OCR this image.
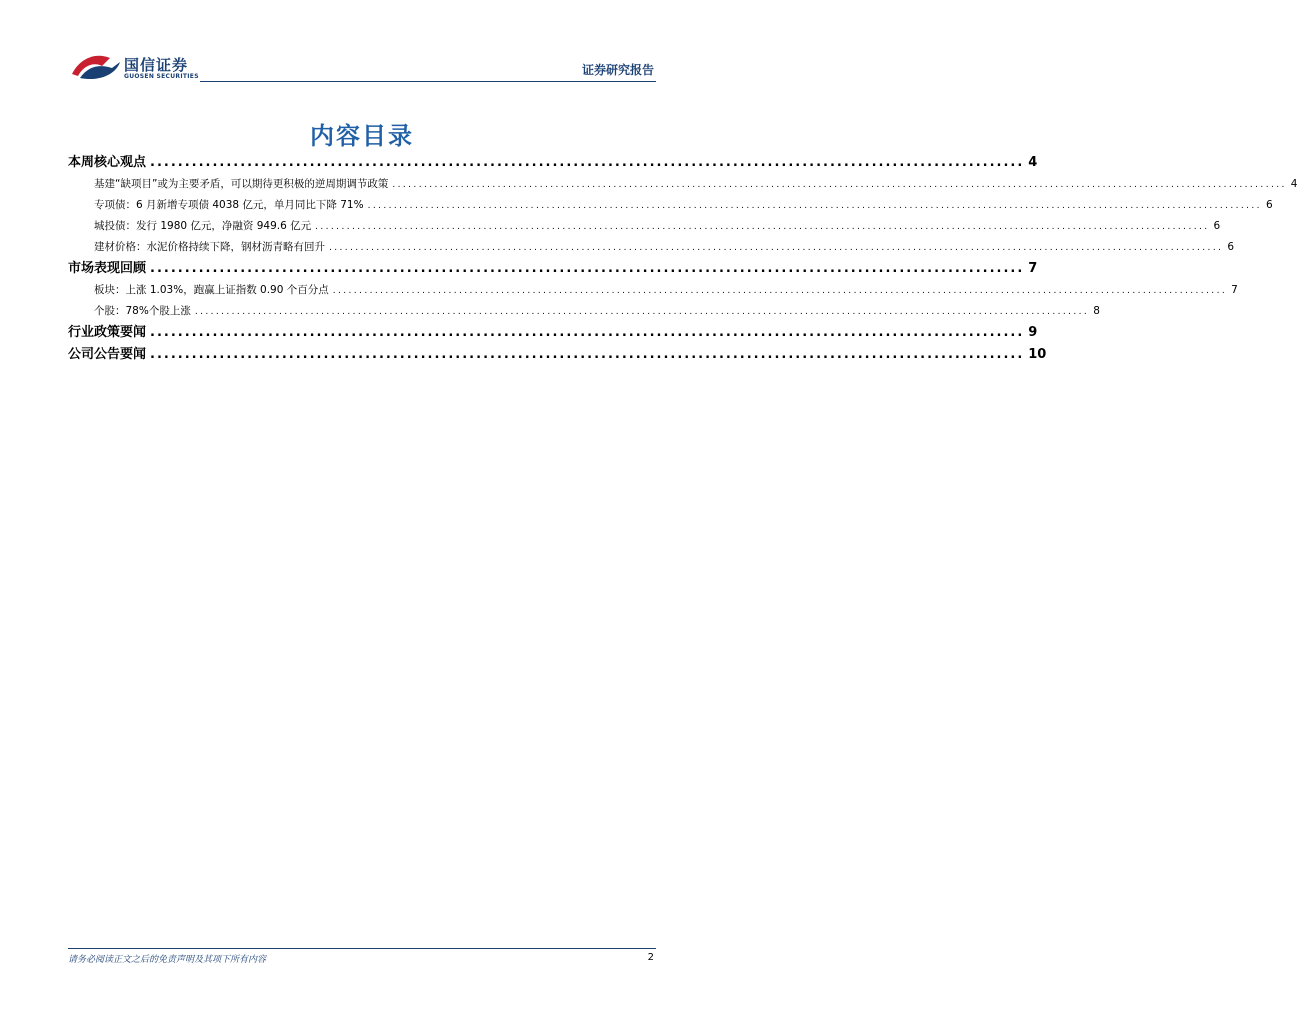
国信证券
GUOSEN SECURITIES	证券研究报告
内容目录
本周核心观点 .............................................................................................................................. 4
基建“缺项目”或为主要矛盾，可以期待更积极的逆周期调节政策 .......................................................................................................................................................................... 4
专项债：6 月新增专项债 4038 亿元，单月同比下降 71% .......................................................................................................................................................................... 6
城投债：发行 1980 亿元，净融资 949.6 亿元 .......................................................................................................................................................................... 6
建材价格：水泥价格持续下降，钢材沥青略有回升 .......................................................................................................................................................................... 6
市场表现回顾 .............................................................................................................................. 7
板块：上涨 1.03%，跑赢上证指数 0.90 个百分点 .......................................................................................................................................................................... 7
个股：78%个股上涨 .......................................................................................................................................................................... 8
行业政策要闻 .............................................................................................................................. 9
公司公告要闻 .............................................................................................................................. 10
请务必阅读正文之后的免责声明及其项下所有内容	2
